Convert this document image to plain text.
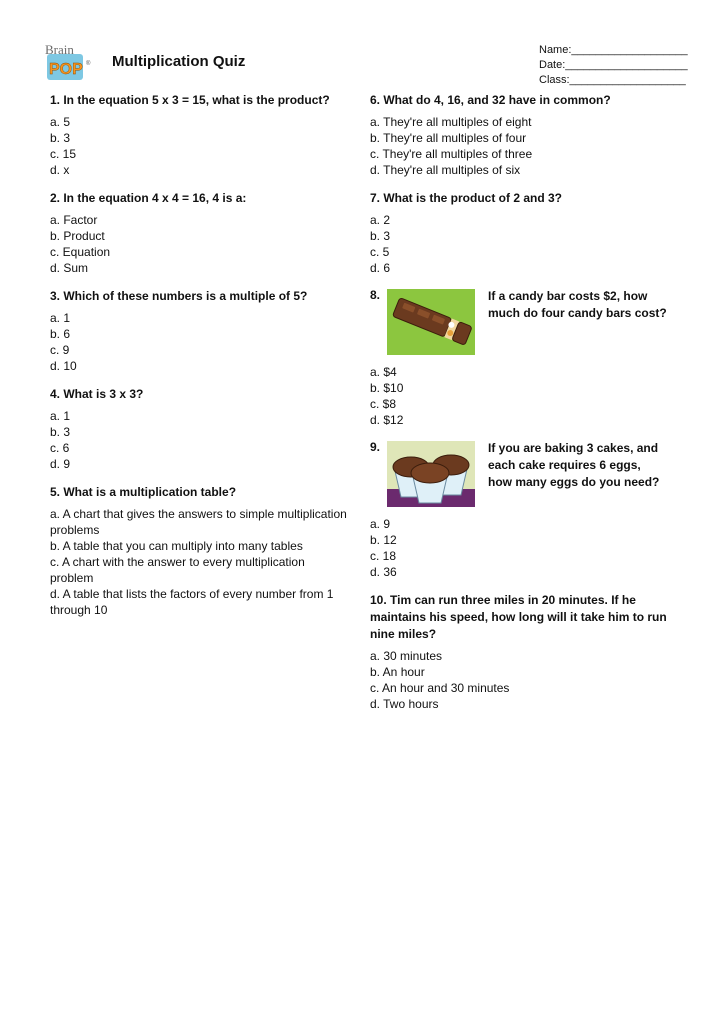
Brain
POP ® Multiplication Quiz
Name:___________________
Date:____________________
Class:___________________
1. In the equation 5 x 3 = 15, what is the product?
a. 5
b. 3
c. 15
d. x
2. In the equation 4 x 4 = 16, 4 is a:
a. Factor
b. Product
c. Equation
d. Sum
3. Which of these numbers is a multiple of 5?
a. 1
b. 6
c. 9
d. 10
4. What is 3 x 3?
a. 1
b. 3
c. 6
d. 9
5. What is a multiplication table?
a. A chart that gives the answers to simple multiplication problems
b. A table that you can multiply into many tables
c. A chart with the answer to every multiplication problem
d. A table that lists the factors of every number from 1 through 10
6. What do 4, 16, and 32 have in common?
a. They're all multiples of eight
b. They're all multiples of four
c. They're all multiples of three
d. They're all multiples of six
7. What is the product of 2 and 3?
a. 2
b. 3
c. 5
d. 6
8.	If a candy bar costs $2, how much do four candy bars cost?
a. $4
b. $10
c. $8
d. $12
9.	If you are baking 3 cakes, and each cake requires 6 eggs, how many eggs do you need?
a. 9
b. 12
c. 18
d. 36
10. Tim can run three miles in 20 minutes. If he maintains his speed, how long will it take him to run nine miles?
a. 30 minutes
b. An hour
c. An hour and 30 minutes
d. Two hours
